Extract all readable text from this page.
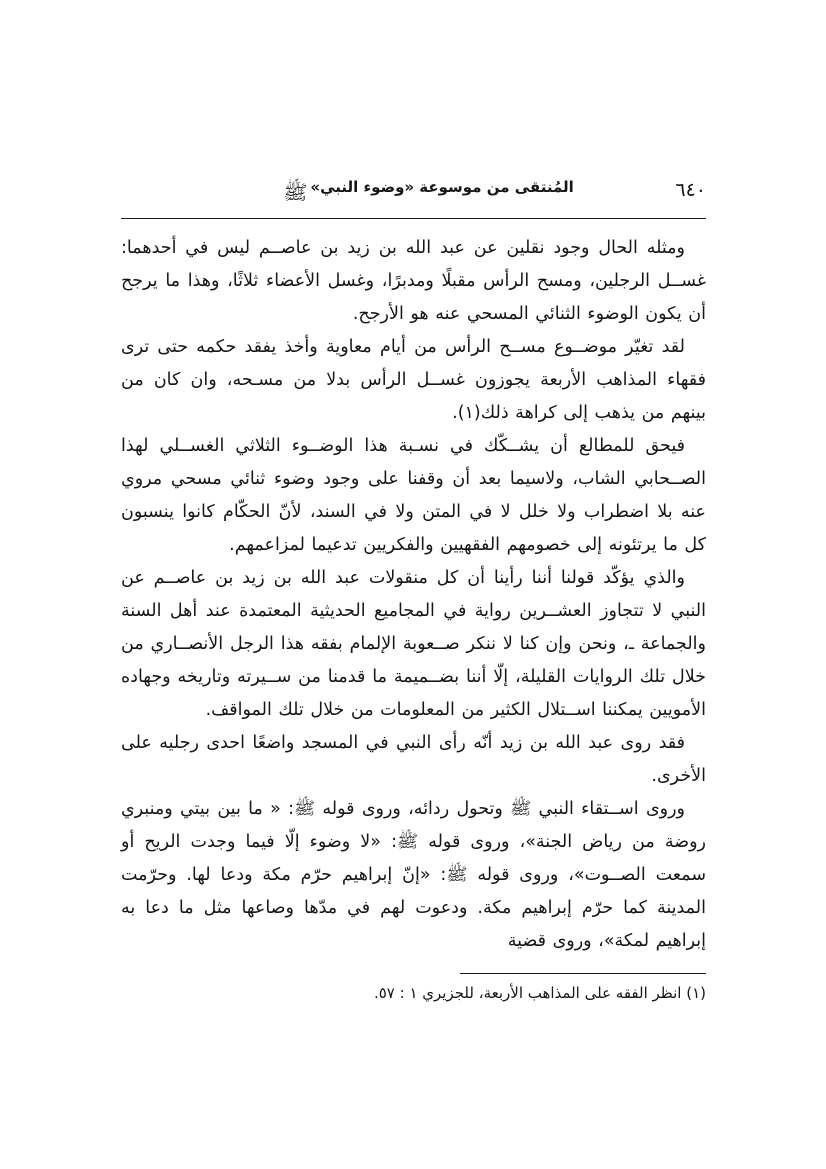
المُنتقى من موسوعة «وضوء النبي»ﷺ	٦٤٠

ومثله الحال وجود نقلين عن عبد الله بن زيد بن عاصــم ليس في أحدهما: غســل الرجلين، ومسح الرأس مقبلًا ومدبرًا، وغسل الأعضاء ثلاثًا، وهذا ما يرجح أن يكون الوضوء الثنائي المسحي عنه هو الأرجح.

لقد تغيّر موضــوع مســح الرأس من أيام معاوية وأخذ يفقد حكمه حتى ترى فقهاء المذاهب الأربعة يجوزون غســل الرأس بدلا من مسـحه، وان كان من بينهم من يذهب إلى كراهة ذلك(١).

فيحق للمطالع أن يشــكّك في نسـبة هذا الوضــوء الثلاثي الغســلي لهذا الصــحابي الشاب، ولاسيما بعد أن وقفنا على وجود وضوء ثنائي مسحي مروي عنه بلا اضطراب ولا خلل لا في المتن ولا في السند، لأنّ الحكّام كانوا ينسبون كل ما يرتئونه إلى خصومهم الفقهيين والفكريين تدعيما لمزاعمهم.

والذي يؤكّد قولنا أننا رأينا أن كل منقولات عبد الله بن زيد بن عاصــم عن النبي لا تتجاوز العشــرين رواية في المجاميع الحديثية المعتمدة عند أهل السنة والجماعة ـ، ونحن وإن كنا لا ننكر صــعوبة الإلمام بفقه هذا الرجل الأنصــاري من خلال تلك الروايات القليلة، إلّا أننا بضــميمة ما قدمنا من ســيرته وتاريخه وجهاده الأمويين يمكننا اســتلال الكثير من المعلومات من خلال تلك المواقف.

فقد روى عبد الله بن زيد أنّه رأى النبي في المسجد واضعًا احدى رجليه على الأخرى.

وروى اســتقاء النبي ﷺ وتحول ردائه، وروى قوله ﷺ: « ما بين بيتي ومنبري روضة من رياض الجنة»، وروى قوله ﷺ: «لا وضوء إلّا فيما وجدت الريح أو سمعت الصــوت»، وروى قوله ﷺ: «إنّ إبراهيم حرّم مكة ودعا لها. وحرّمت المدينة كما حرّم إبراهيم مكة. ودعوت لهم في مدّها وصاعها مثل ما دعا به إبراهيم لمكة»، وروى قضية

(١) انظر الفقه على المذاهب الأربعة، للجزيري ١ : ٥٧.
